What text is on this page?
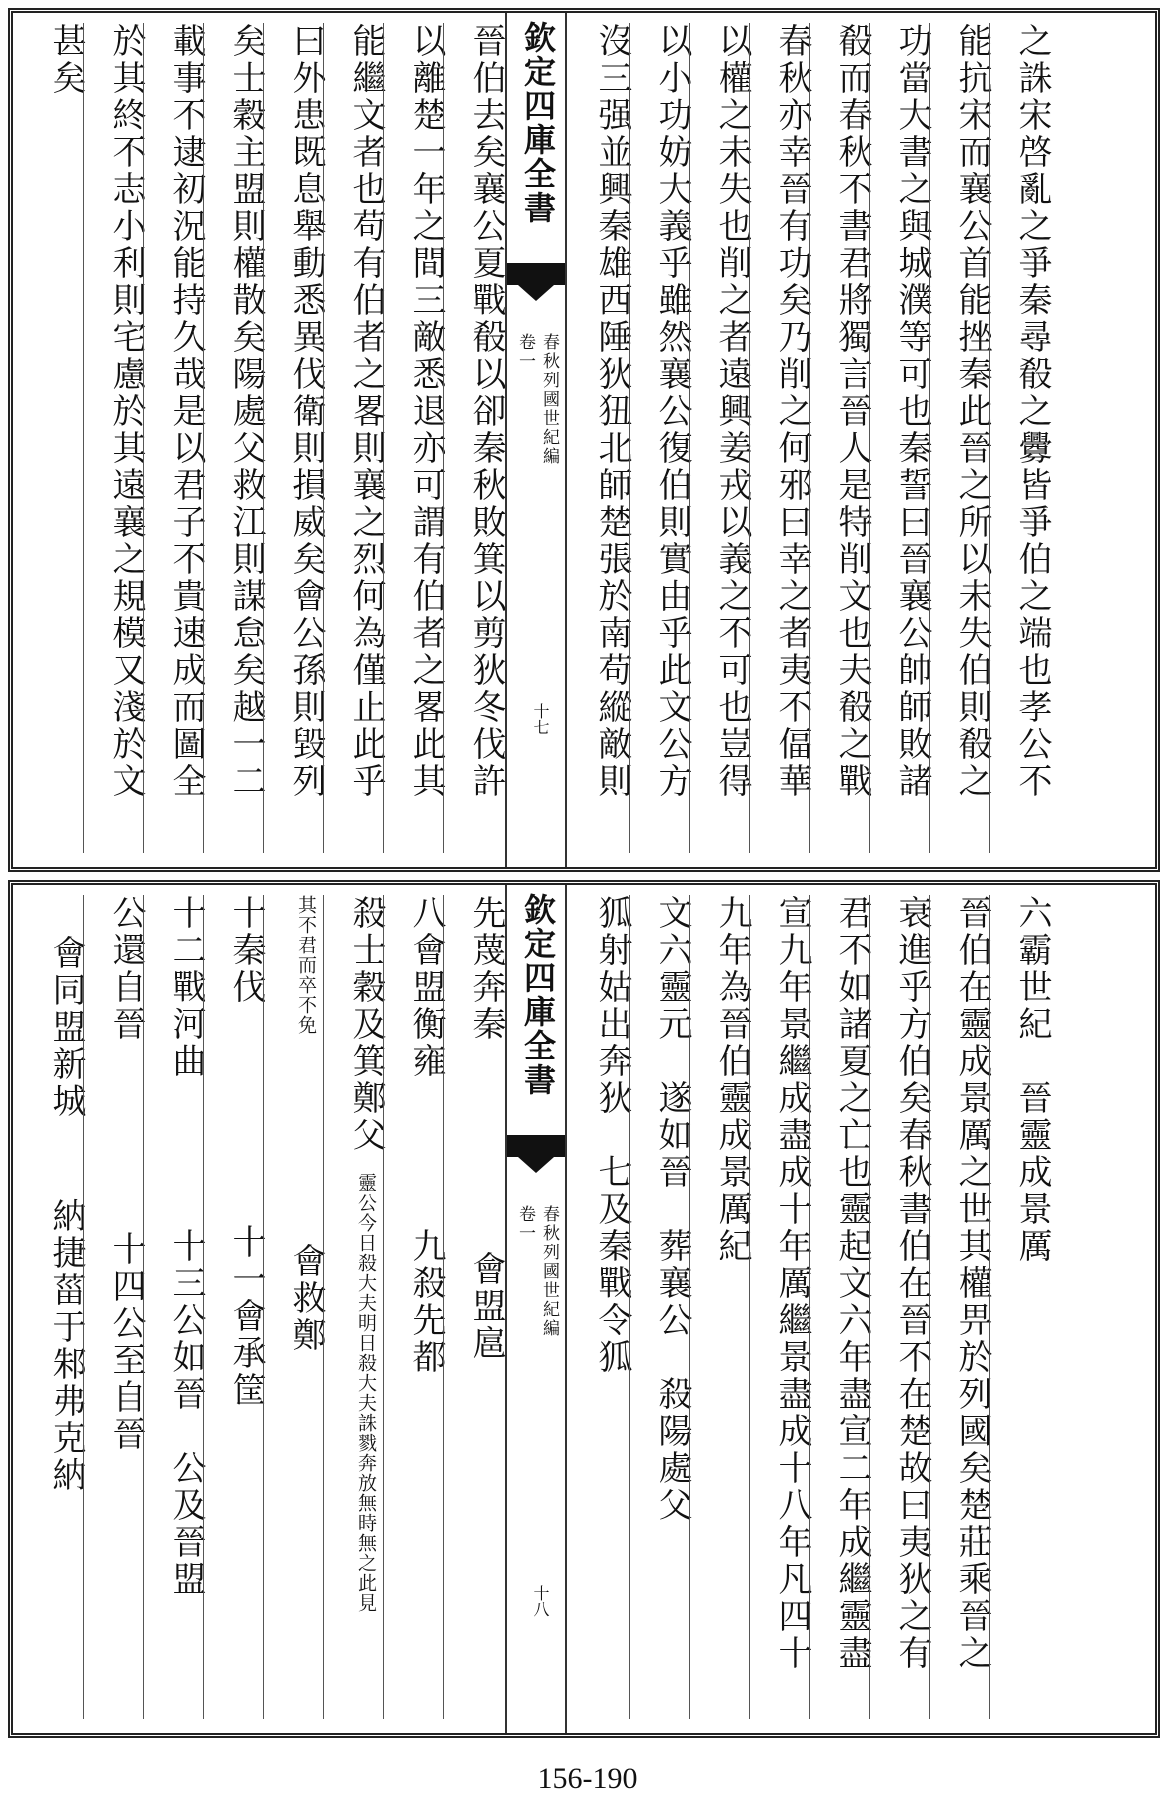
甚矣 於其終不志小利則宅慮於其遠襄之規模又淺於文 載事不逮初況能持久哉是以君子不貴速成而圖全 矣士穀主盟則權散矣陽處父救江則謀怠矣越一二 曰外患既息舉動悉異伐衛則損威矣會公孫則毀列 能繼文者也苟有伯者之畧則襄之烈何為僅止此乎 以離楚一年之間三敵悉退亦可謂有伯者之畧此其 晉伯去矣襄公夏戰殽以卻秦秋敗箕以剪狄冬伐許 欽定四庫全書
春秋列國世紀編
卷一
十七	沒三强並興秦雄西陲狄狃北師楚張於南苟縱敵則 以小功妨大義乎雖然襄公復伯則實由乎此文公方 以權之未失也削之者遠興姜戎以義之不可也豈得 春秋亦幸晉有功矣乃削之何邪曰幸之者夷不偪華 殽而春秋不書君將獨言晉人是特削文也夫殽之戰 功當大書之與城濮等可也秦誓曰晉襄公帥師敗諸 能抗宋而襄公首能挫秦此晉之所以未失伯則殽之 之誅宋啓亂之爭秦尋殽之釁皆爭伯之端也孝公不
會同盟新城  納捷菑于邾弗克納
公還自晉  十四公至自晉
十二戰河曲  十三公如晉　公及晉盟
十秦伐  十一會承筐
其不君而卒不免  會救鄭
殺士穀及箕鄭父 靈公今日殺大夫明日殺大夫誅戮奔放無時無之此見
八會盟衡雍  九殺先都
先蔑奔秦  會盟扈
欽定四庫全書
春秋列國世紀編
卷一
十八
狐射姑出奔狄　七及秦戰令狐 文六靈元　遂如晉　葬襄公　殺陽處父 九年為晉伯靈成景厲紀 宣九年景繼成盡成十年厲繼景盡成十八年凡四十 君不如諸夏之亡也靈起文六年盡宣二年成繼靈盡 衰進乎方伯矣春秋書伯在晉不在楚故曰夷狄之有 晉伯在靈成景厲之世其權畀於列國矣楚莊乘晉之 六霸世紀　晉靈成景厲
156-190
